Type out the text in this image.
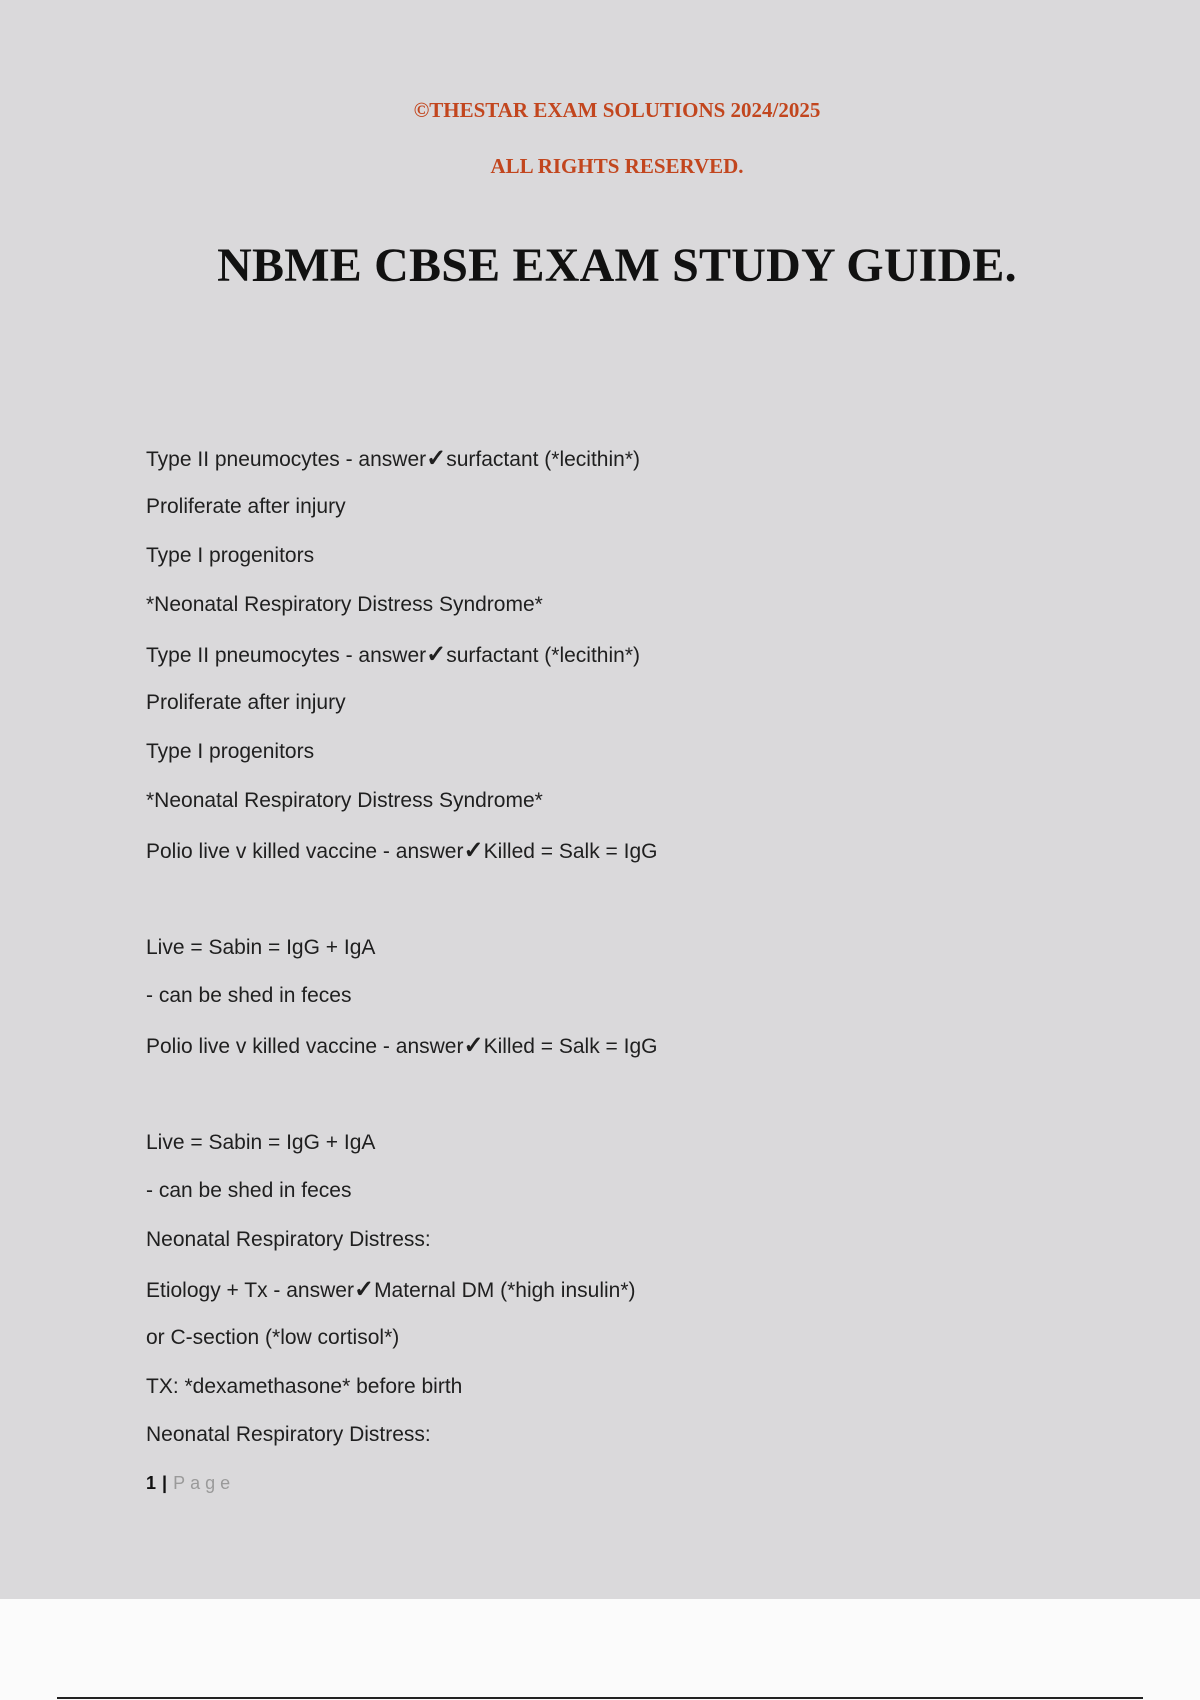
©THESTAR EXAM SOLUTIONS 2024/2025
ALL RIGHTS RESERVED.
NBME CBSE EXAM STUDY GUIDE.
Type II pneumocytes - answer✓surfactant (*lecithin*)
Proliferate after injury
Type I progenitors
*Neonatal Respiratory Distress Syndrome*
Type II pneumocytes - answer✓surfactant (*lecithin*)
Proliferate after injury
Type I progenitors
*Neonatal Respiratory Distress Syndrome*
Polio live v killed vaccine - answer✓Killed = Salk = IgG
Live = Sabin = IgG + IgA
- can be shed in feces
Polio live v killed vaccine - answer✓Killed = Salk = IgG
Live = Sabin = IgG + IgA
- can be shed in feces
Neonatal Respiratory Distress:
Etiology + Tx - answer✓Maternal DM (*high insulin*)
or C-section (*low cortisol*)
TX: *dexamethasone* before birth
Neonatal Respiratory Distress:
1 | Page
